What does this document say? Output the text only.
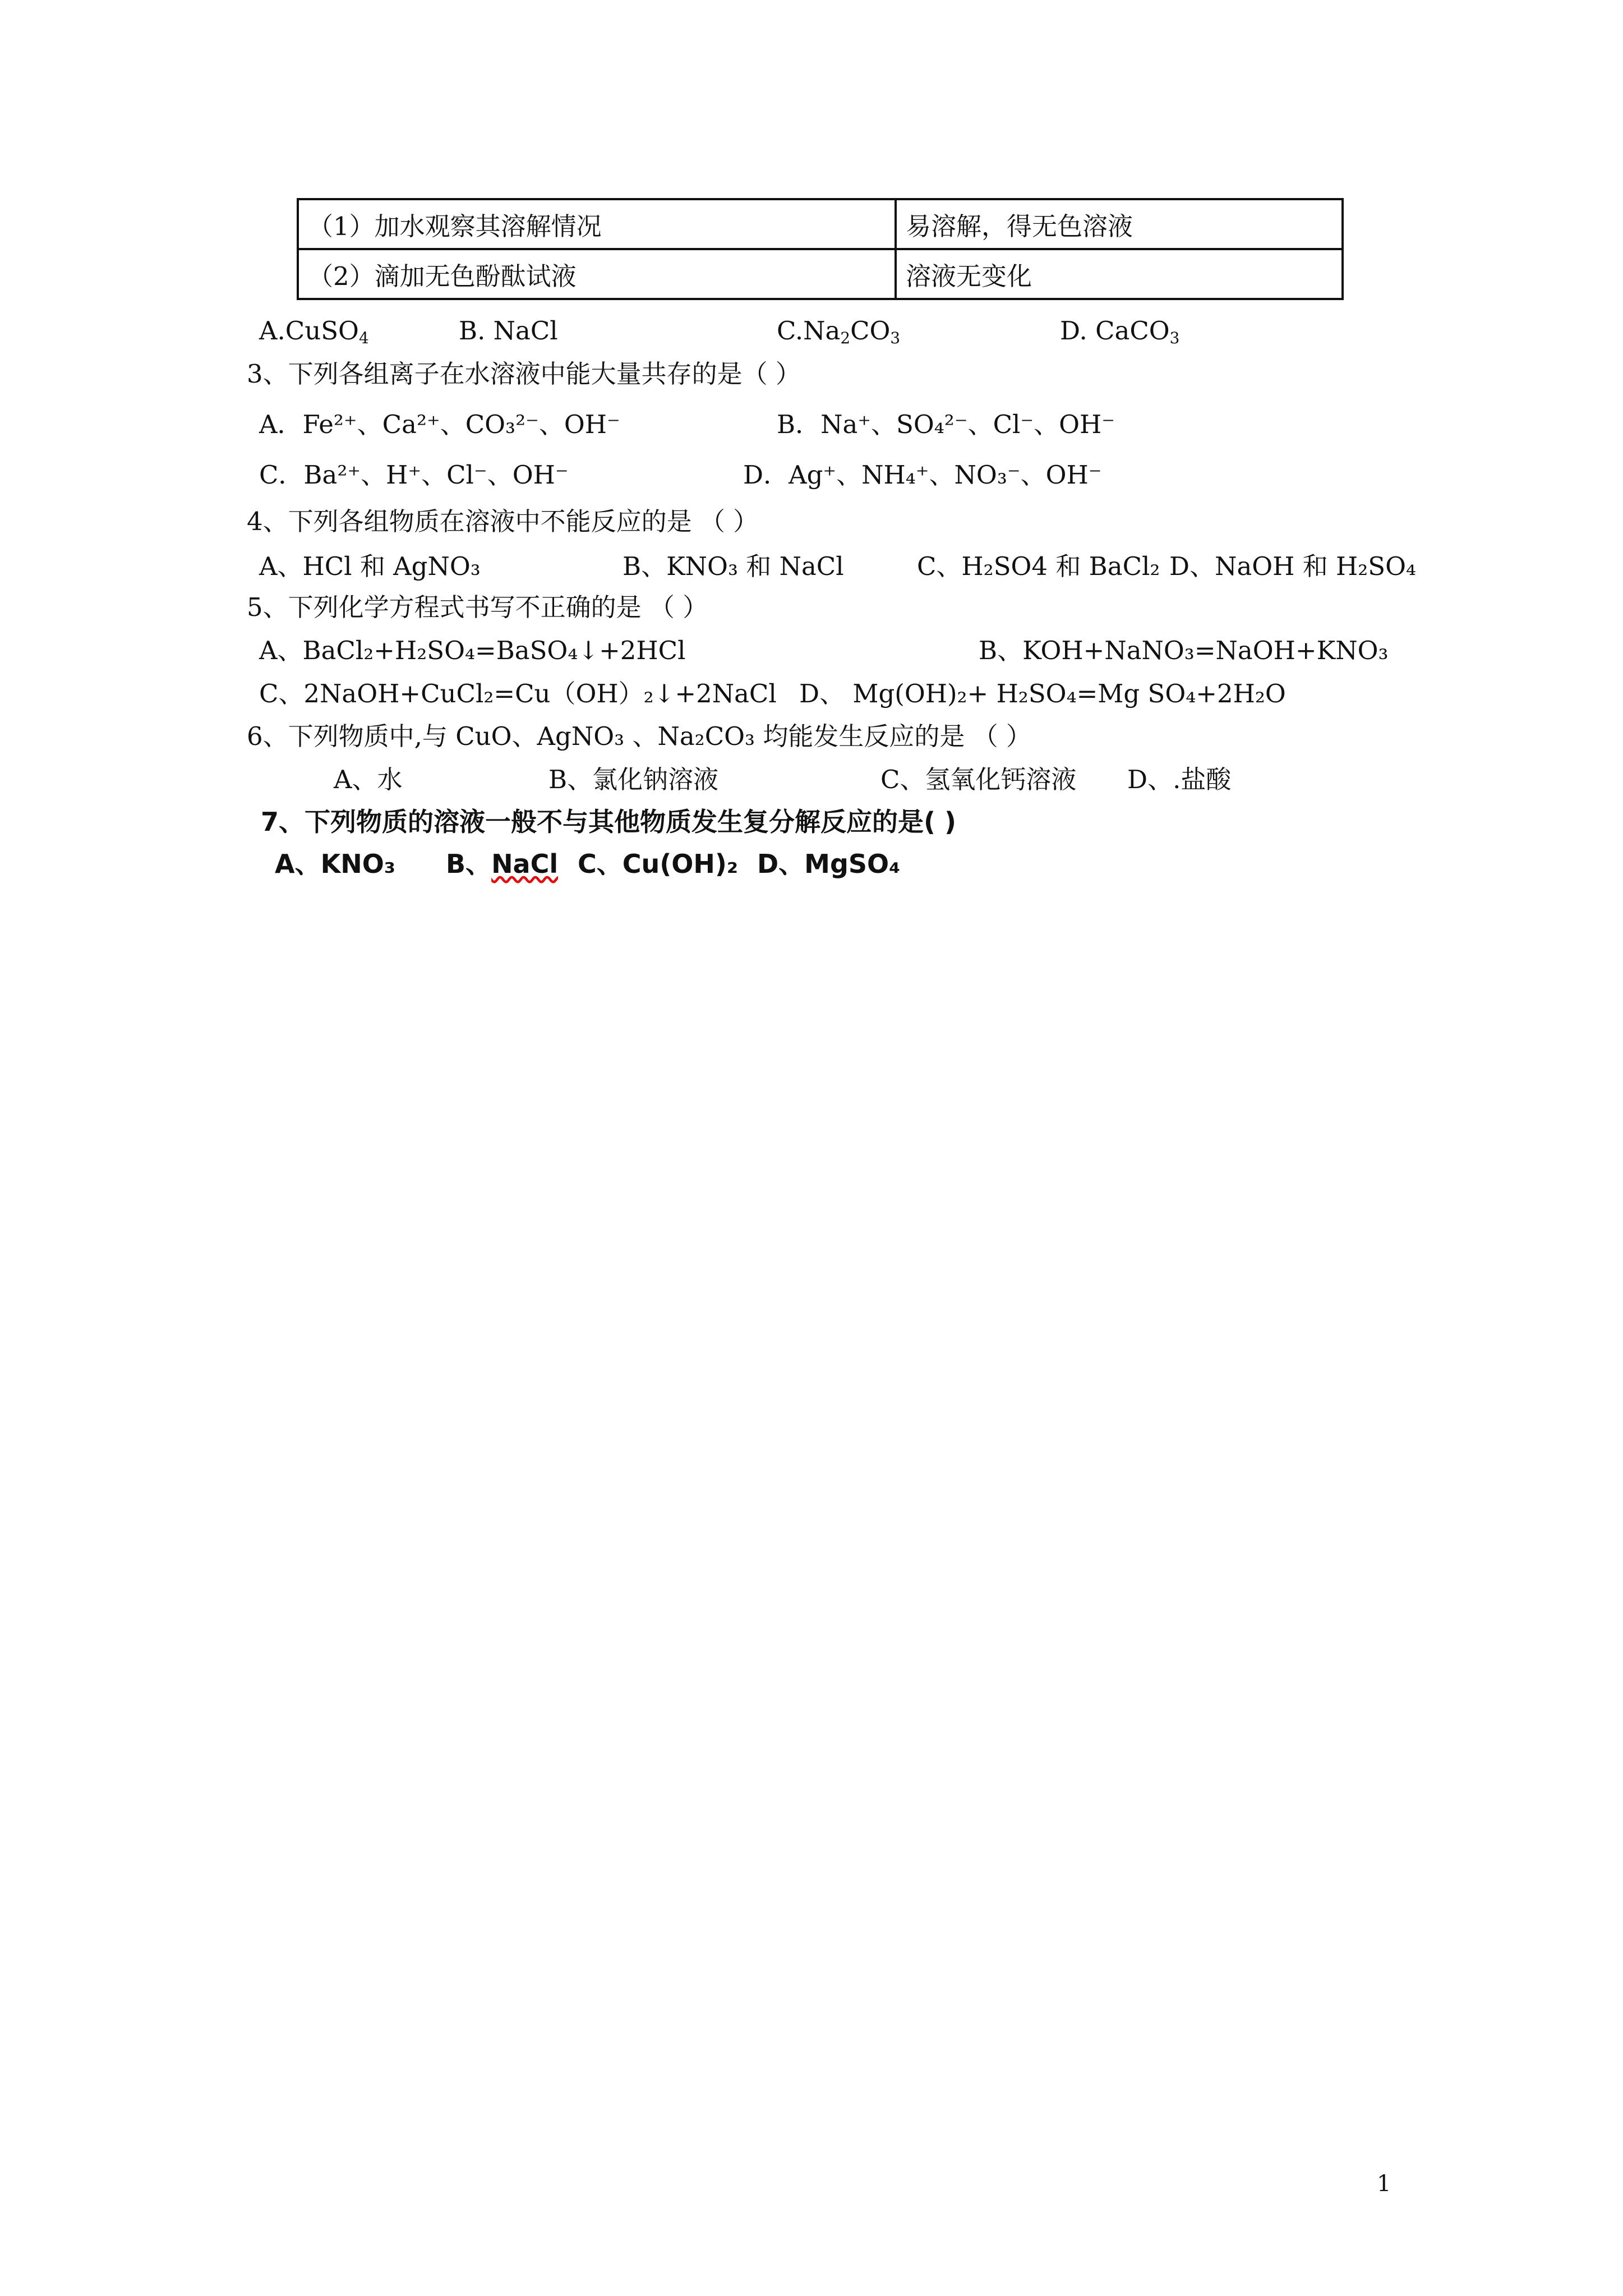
（1）加水观察其溶解情况	易溶解，得无色溶液
（2）滴加无色酚酞试液	溶液无变化
A.CuSO$_4$	B. NaCl	$C.Na_2CO_3$	D. CaCO$_3$
3、下列各组离子在水溶液中能大量共存的是（ ）
A．Fe²⁺、Ca²⁺、CO₃²⁻、OH⁻	B．Na⁺、SO₄²⁻、Cl⁻、OH⁻
C．Ba²⁺、H⁺、Cl⁻、OH⁻	D．Ag⁺、NH₄⁺、NO₃⁻、OH⁻
4、下列各组物质在溶液中不能反应的是 （ ）
A、HCl 和 AgNO₃	B、KNO₃ 和 NaCl	C、H₂SO4 和 BaCl₂ D、NaOH 和 H₂SO₄
5、下列化学方程式书写不正确的是 （ ）
A、BaCl₂+H₂SO₄=BaSO₄↓+2HCl	B、KOH+NaNO₃=NaOH+KNO₃
C、2NaOH+CuCl₂=Cu（OH）₂↓+2NaCl D、 Mg(OH)₂+ H₂SO₄=Mg SO₄+2H₂O
6、下列物质中,与 CuO、AgNO₃ 、Na₂CO₃ 均能发生反应的是 （ ）
A、水	B、氯化钠溶液	C、氢氧化钙溶液 D、.盐酸
7、下列物质的溶液一般不与其他物质发生复分解反应的是( )
A、KNO₃ B、NaCl C、Cu(OH)₂ D、MgSO₄
1
